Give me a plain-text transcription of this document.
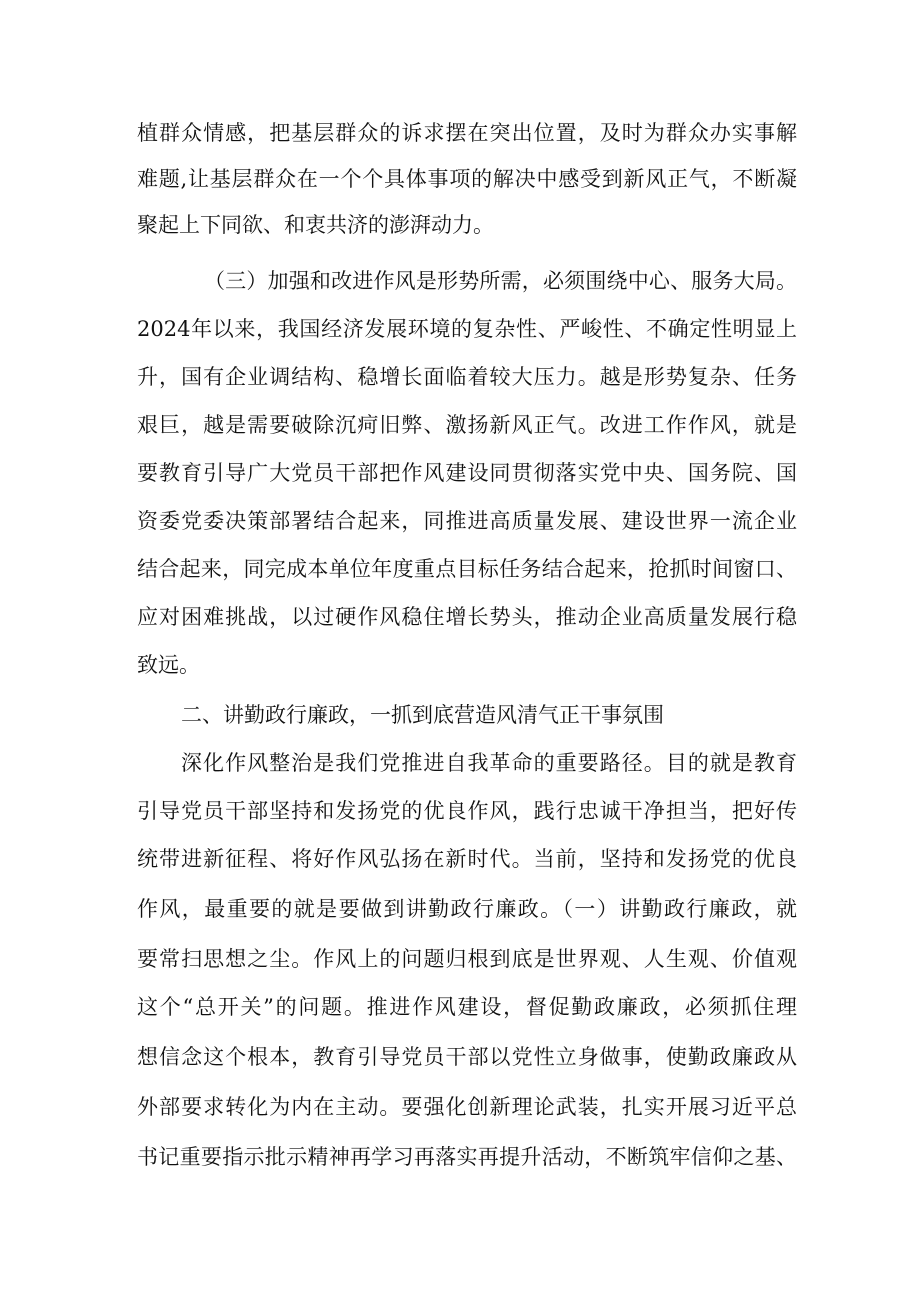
植群众情感，把基层群众的诉求摆在突出位置，及时为群众办实事解
难题,让基层群众在一个个具体事项的解决中感受到新风正气，不断凝
聚起上下同欲、和衷共济的澎湃动力。
（三）加强和改进作风是形势所需，必须围绕中心、服务大局。
2024年以来，我国经济发展环境的复杂性、严峻性、不确定性明显上
升，国有企业调结构、稳增长面临着较大压力。越是形势复杂、任务
艰巨，越是需要破除沉疴旧弊、激扬新风正气。改进工作作风，就是
要教育引导广大党员干部把作风建设同贯彻落实党中央、国务院、国
资委党委决策部署结合起来，同推进高质量发展、建设世界一流企业
结合起来，同完成本单位年度重点目标任务结合起来，抢抓时间窗口、
应对困难挑战，以过硬作风稳住增长势头，推动企业高质量发展行稳
致远。
二、讲勤政行廉政，一抓到底营造风清气正干事氛围
深化作风整治是我们党推进自我革命的重要路径。目的就是教育
引导党员干部坚持和发扬党的优良作风，践行忠诚干净担当，把好传
统带进新征程、将好作风弘扬在新时代。当前，坚持和发扬党的优良
作风，最重要的就是要做到讲勤政行廉政。（一）讲勤政行廉政，就
要常扫思想之尘。作风上的问题归根到底是世界观、人生观、价值观
这个“总开关”的问题。推进作风建设，督促勤政廉政，必须抓住理
想信念这个根本，教育引导党员干部以党性立身做事，使勤政廉政从
外部要求转化为内在主动。要强化创新理论武装，扎实开展习近平总
书记重要指示批示精神再学习再落实再提升活动，不断筑牢信仰之基、
